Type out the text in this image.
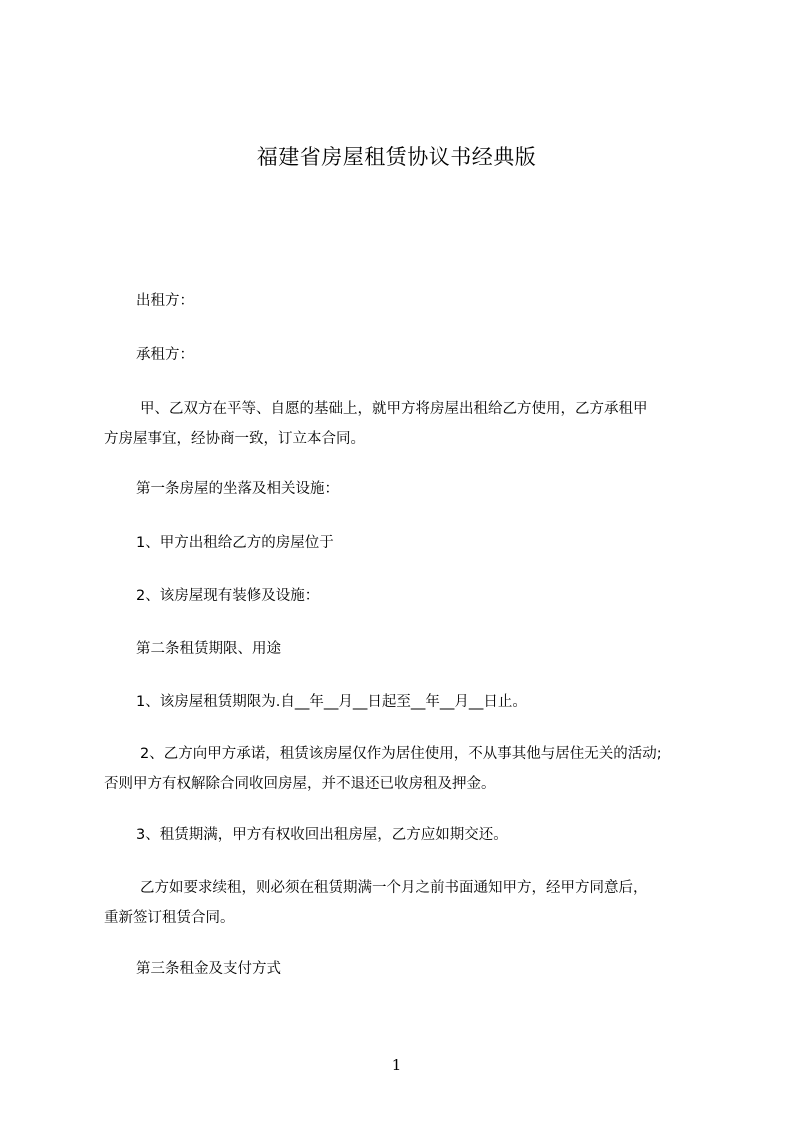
福建省房屋租赁协议书经典版
出租方：
承租方：
甲、乙双方在平等、自愿的基础上，就甲方将房屋出租给乙方使用，乙方承租甲
方房屋事宜，经协商一致，订立本合同。
第一条房屋的坐落及相关设施：
1、甲方出租给乙方的房屋位于
2、该房屋现有装修及设施：
第二条租赁期限、用途
1、该房屋租赁期限为.自__年__月__日起至__年__月__日止。
2、乙方向甲方承诺，租赁该房屋仅作为居住使用，不从事其他与居住无关的活动;
否则甲方有权解除合同收回房屋，并不退还已收房租及押金。
3、租赁期满，甲方有权收回出租房屋，乙方应如期交还。
乙方如要求续租，则必须在租赁期满一个月之前书面通知甲方，经甲方同意后，
重新签订租赁合同。
第三条租金及支付方式
1
